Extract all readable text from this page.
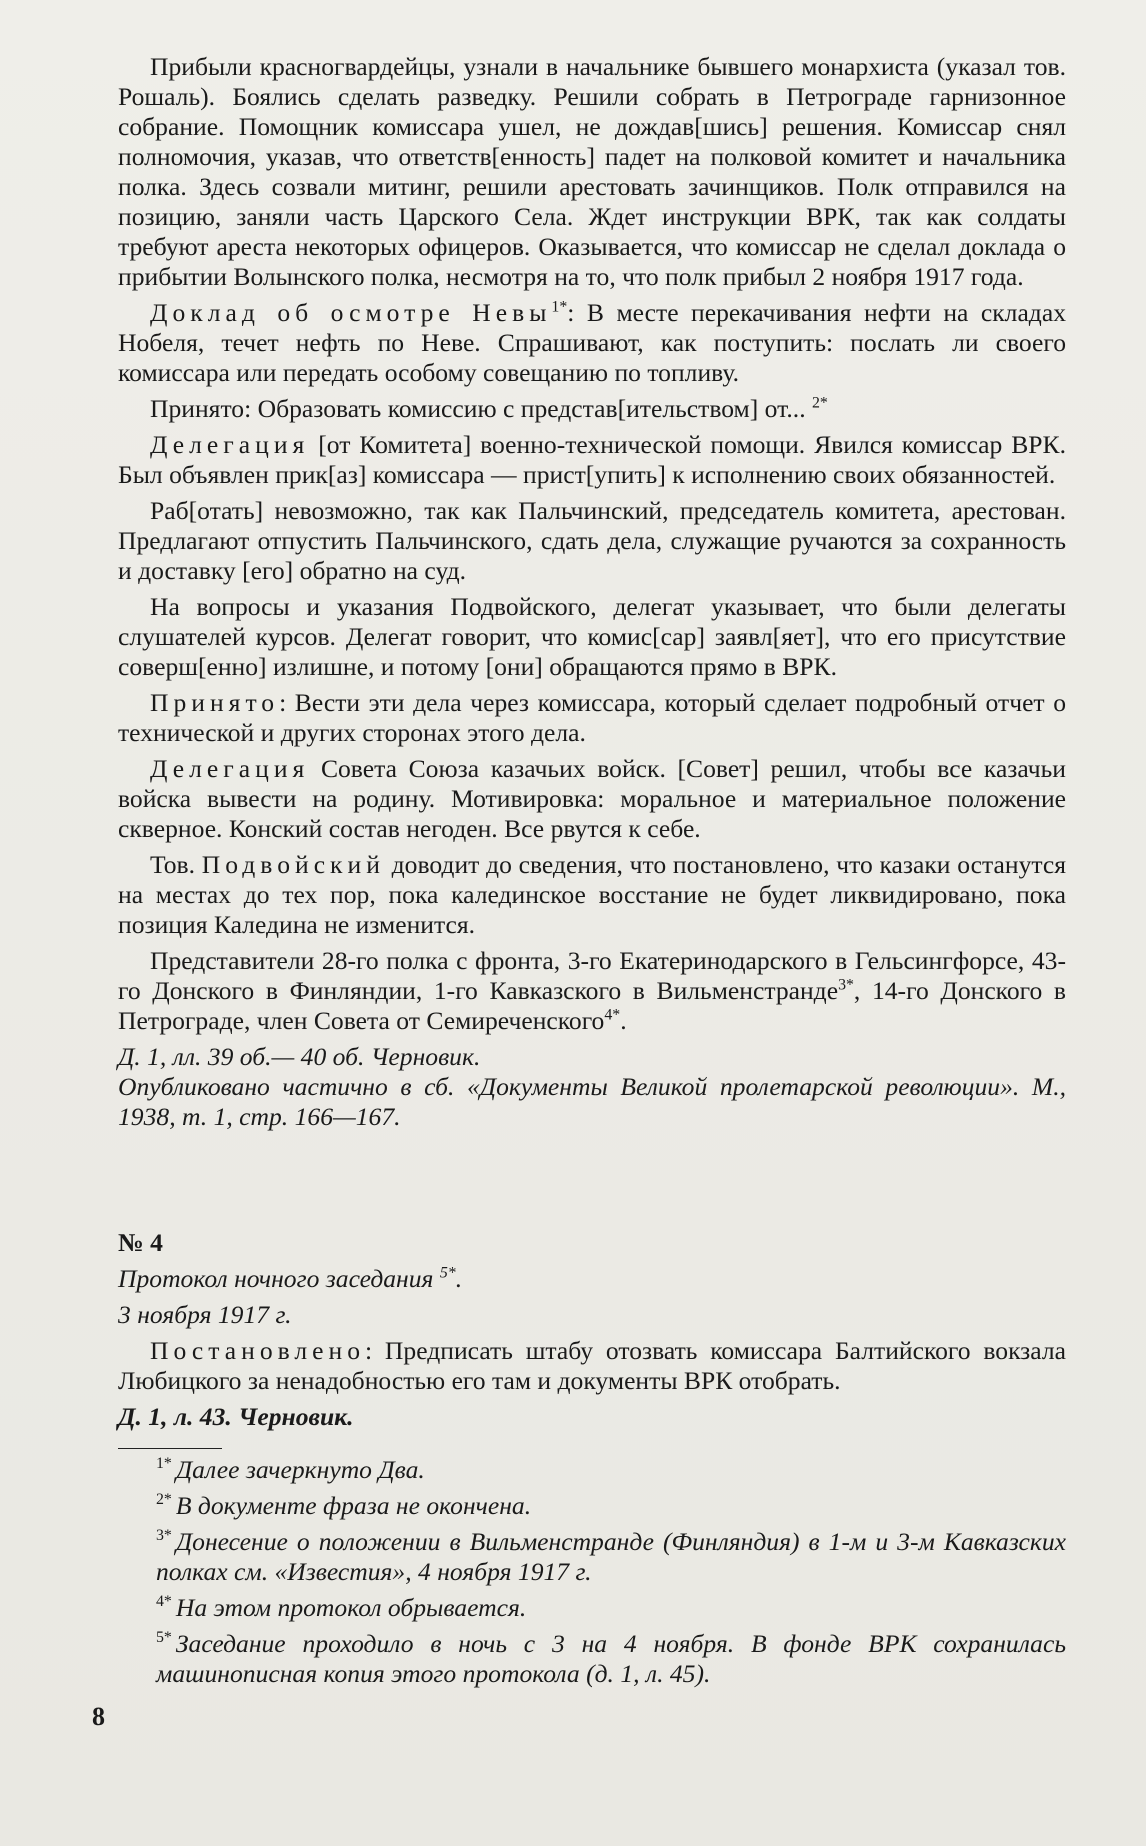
Прибыли красногвардейцы, узнали в начальнике бывшего монархиста (указал тов. Рошаль). Боялись сделать разведку. Решили собрать в Петрограде гарнизонное собрание. Помощник комиссара ушел, не дождав[шись] решения. Комиссар снял полномочия, указав, что ответств[енность] падет на полковой комитет и начальника полка. Здесь созвали митинг, решили арестовать зачинщиков. Полк отправился на позицию, заняли часть Царского Села. Ждет инструкции ВРК, так как солдаты требуют ареста некоторых офицеров. Оказывается, что комиссар не сделал доклада о прибытии Волынского полка, несмотря на то, что полк прибыл 2 ноября 1917 года.

Доклад об осмотре Невы$^{1*}$: В месте перекачивания нефти на складах Нобеля, течет нефть по Неве. Спрашивают, как поступить: послать ли своего комиссара или передать особому совещанию по топливу.

Принято: Образовать комиссию с представ[ительством] от... $^{2*}$

Делегация [от Комитета] военно-технической помощи. Явился комиссар ВРК. Был объявлен прик[аз] комиссара — прист[упить] к исполнению своих обязанностей.

Раб[отать] невозможно, так как Пальчинский, председатель комитета, арестован. Предлагают отпустить Пальчинского, сдать дела, служащие ручаются за сохранность и доставку [его] обратно на суд.

На вопросы и указания Подвойского, делегат указывает, что были делегаты слушателей курсов. Делегат говорит, что комис[сар] заявл[яет], что его присутствие соверш[енно] излишне, и потому [они] обращаются прямо в ВРК.

Принято: Вести эти дела через комиссара, который сделает подробный отчет о технической и других сторонах этого дела.

Делегация Совета Союза казачьих войск. [Совет] решил, чтобы все казачьи войска вывести на родину. Мотивировка: моральное и материальное положение скверное. Конский состав негоден. Все рвутся к себе.

Тов. Подвойский доводит до сведения, что постановлено, что казаки останутся на местах до тех пор, пока калединское восстание не будет ликвидировано, пока позиция Каледина не изменится.

Представители 28-го полка с фронта, 3-го Екатеринодарского в Гельсингфорсе, 43-го Донского в Финляндии, 1-го Кавказского в Вильменстранде$^{3*}$, 14-го Донского в Петрограде, член Совета от Семиреченского$^{4*}$.

Д. 1, лл. 39 об.— 40 об. Черновик.

Опубликовано частично в сб. «Документы Великой пролетарской революции». М., 1938, т. 1, стр. 166—167.

№ 4

Протокол ночного заседания $^{5*}$.

3 ноября 1917 г.

Постановлено: Предписать штабу отозвать комиссара Балтийского вокзала Любицкого за ненадобностью его там и документы ВРК отобрать.

Д. 1, л. 43. Черновик.

$^{1*}$ Далее зачеркнуто Два.

$^{2*}$ В документе фраза не окончена.

$^{3*}$ Донесение о положении в Вильменстранде (Финляндия) в 1-м и 3-м Кавказских полках см. «Известия», 4 ноября 1917 г.

$^{4*}$ На этом протокол обрывается.

$^{5*}$ Заседание проходило в ночь с 3 на 4 ноября. В фонде ВРК сохранилась машинописная копия этого протокола (д. 1, л. 45).

8
